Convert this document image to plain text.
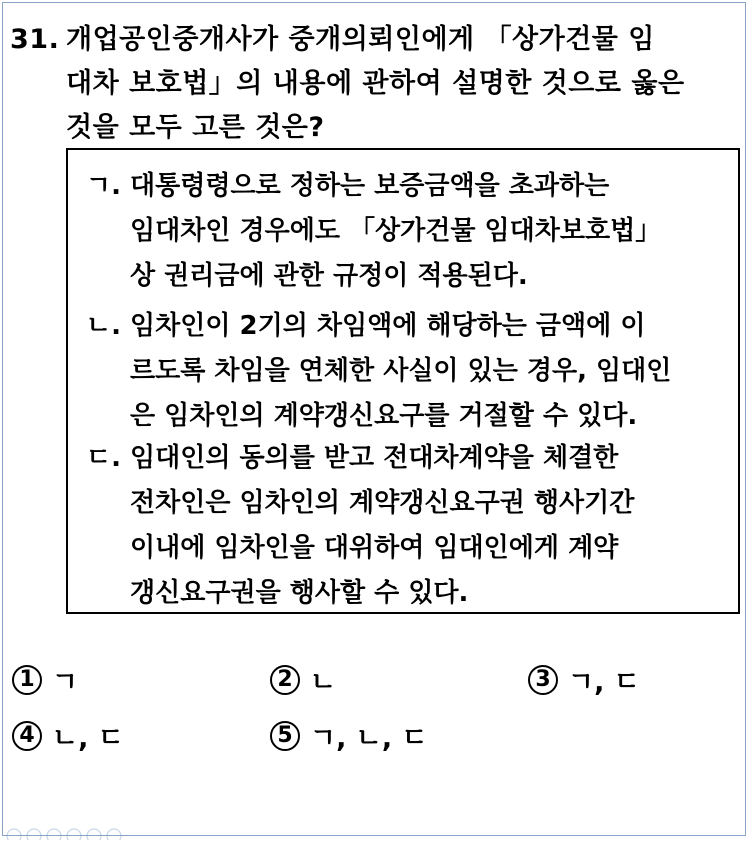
31. 개업공인중개사가 중개의뢰인에게 「상가건물 임
대차 보호법」의 내용에 관하여 설명한 것으로 옳은
것을 모두 고른 것은?
ㄱ. 대통령령으로 정하는 보증금액을 초과하는
임대차인 경우에도 「상가건물 임대차보호법」
상 권리금에 관한 규정이 적용된다.
ㄴ. 임차인이 2기의 차임액에 해당하는 금액에 이
르도록 차임을 연체한 사실이 있는 경우, 임대인
은 임차인의 계약갱신요구를 거절할 수 있다.
ㄷ. 임대인의 동의를 받고 전대차계약을 체결한
전차인은 임차인의 계약갱신요구권 행사기간
이내에 임차인을 대위하여 임대인에게 계약
갱신요구권을 행사할 수 있다.
1 ㄱ	2 ㄴ	3 ㄱ, ㄷ
4 ㄴ, ㄷ	5 ㄱ, ㄴ, ㄷ
